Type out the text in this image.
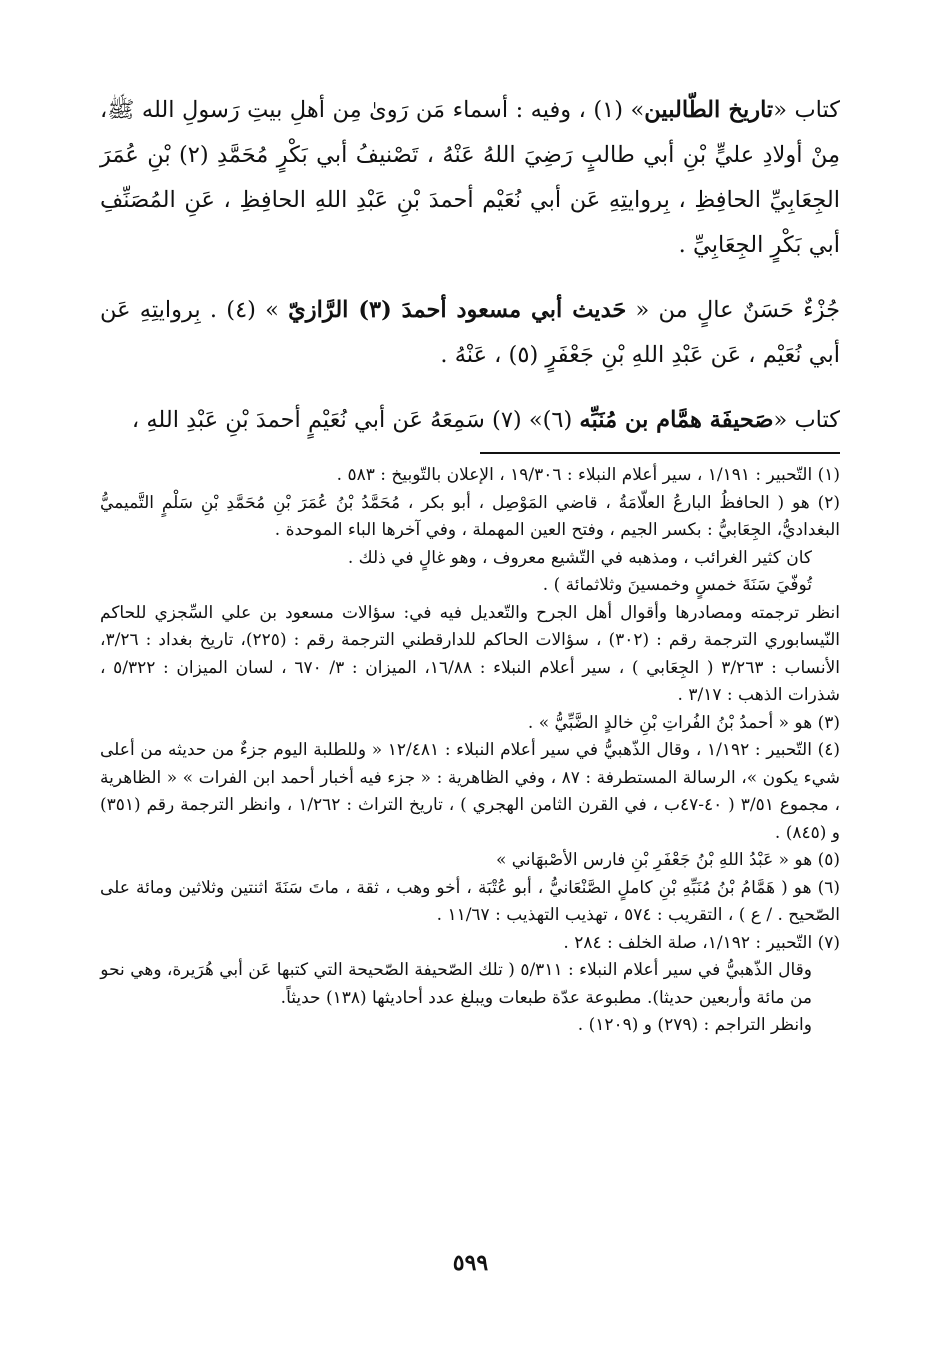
كتاب «تاريخ الطّالبين» (١) ، وفيه : أسماء مَن رَوىٰ مِن أهلِ بيتِ رَسولِ الله ﷺ، مِنْ أولادِ عليٍّ بْنِ أبي طالبٍ رَضِيَ اللهُ عَنْهُ ، تَصْنيفُ أبي بَكْرٍ مُحَمَّدِ (٢) بْنِ عُمَرَ الجِعَابِيِّ الحافِظِ ، بِروايتِهِ عَن أبي نُعَيْم أحمدَ بْنِ عَبْدِ اللهِ الحافِظِ ، عَنِ المُصَنِّفِ أبي بَكْرٍ الجِعَابِيِّ .

جُزْءٌ حَسَنٌ عالٍ من « حَديث أبي مسعود أحمدَ (٣) الرَّازيّ » (٤) . بِروايتِهِ عَن أبي نُعَيْم ، عَن عَبْدِ اللهِ بْنِ جَعْفَرٍ (٥) ، عَنْهُ .

كتاب «صَحيفَة همَّام بن مُنَبِّه (٦)» (٧) سَمِعَهُ عَن أبي نُعَيْمٍ أحمدَ بْنِ عَبْدِ اللهِ ،

(١) التّحبير : ١/١٩١ ، سير أعلام النبلاء : ١٩/٣٠٦ ، الإعلان بالتّوبيخ : ٥٨٣ .

(٢) هو ( الحافظُ البارعُ العلّامَةُ ، قاضي المَوْصِل ، أبو بكر ، مُحَمَّدُ بْنُ عُمَرَ بْنِ مُحَمَّدِ بْنِ سَلْمٍ التَّميميُّ البغداديُّ، الجِعَابيُّ : بكسر الجيم ، وفتح العين المهملة ، وفي آخرها الباء الموحدة .

كان كثير الغرائب ، ومذهبه في التّشيع معروف ، وهو غالٍ في ذلك .

تُوفّيَ سَنَةَ خمسٍ وخمسينَ وثلاثمائة ) .

انظر ترجمته ومصادرها وأقوال أهل الجرح والتّعديل فيه في: سؤالات مسعود بن علي السِّجزي للحاكم النّيسابوري الترجمة رقم : (٣٠٢) ، سؤالات الحاكم للدارقطني الترجمة رقم : (٢٢٥)، تاريخ بغداد : ٣/٢٦، الأنساب : ٣/٢٦٣ ( الجِعَابي ) ، سير أعلام النبلاء : ١٦/٨٨، الميزان : ٣/ ٦٧٠ ، لسان الميزان : ٥/٣٢٢ ، شذرات الذهب : ٣/١٧ .

(٣) هو « أحمدُ بْنُ الفُراتِ بْنِ خالدٍ الضَّبِّيُّ » .

(٤) التّحبير : ١/١٩٢ ، وقال الذّهبيُّ في سير أعلام النبلاء : ١٢/٤٨١ « وللطلبة اليوم جزءٌ من حديثه من أعلى شيء يكون »، الرسالة المستطرفة : ٨٧ ، وفي الظاهرية : « جزء فيه أخبار أحمد ابن الفرات » « الظاهرية ، مجموع ٣/٥١ ( ٤٠-٤٧ب ، في القرن الثامن الهجري ) ، تاريخ التراث : ١/٢٦٢ ، وانظر الترجمة رقم (٣٥١) و (٨٤٥) .

(٥) هو « عَبْدُ اللهِ بْنُ جَعْفَرِ بْنِ فارس الأصْبهَاني »

(٦) هو ( هَمَّامُ بْنُ مُنَبِّهِ بْنِ كاملٍ الصَّنْعَانيُّ ، أبو عُتْبَة ، أخو وهب ، ثقة ، ماتَ سَنَةَ اثنتين وثلاثين ومائة على الصّحيح . / ع ) ، التقريب : ٥٧٤ ، تهذيب التهذيب : ١١/٦٧ .

(٧) التّحبير : ١/١٩٢، صلة الخلف : ٢٨٤ .

وقال الذّهبيُّ في سير أعلام النبلاء : ٥/٣١١ ( تلك الصّحيفة الصّحيحة التي كتبها عَن أبي هُرَيرة، وهي نحو من مائة وأربعين حديثا). مطبوعة عدّة طبعات ويبلغ عدد أحاديثها (١٣٨) حديثاً.

وانظر التراجم : (٢٧٩) و (١٢٠٩) .

٥٩٩
